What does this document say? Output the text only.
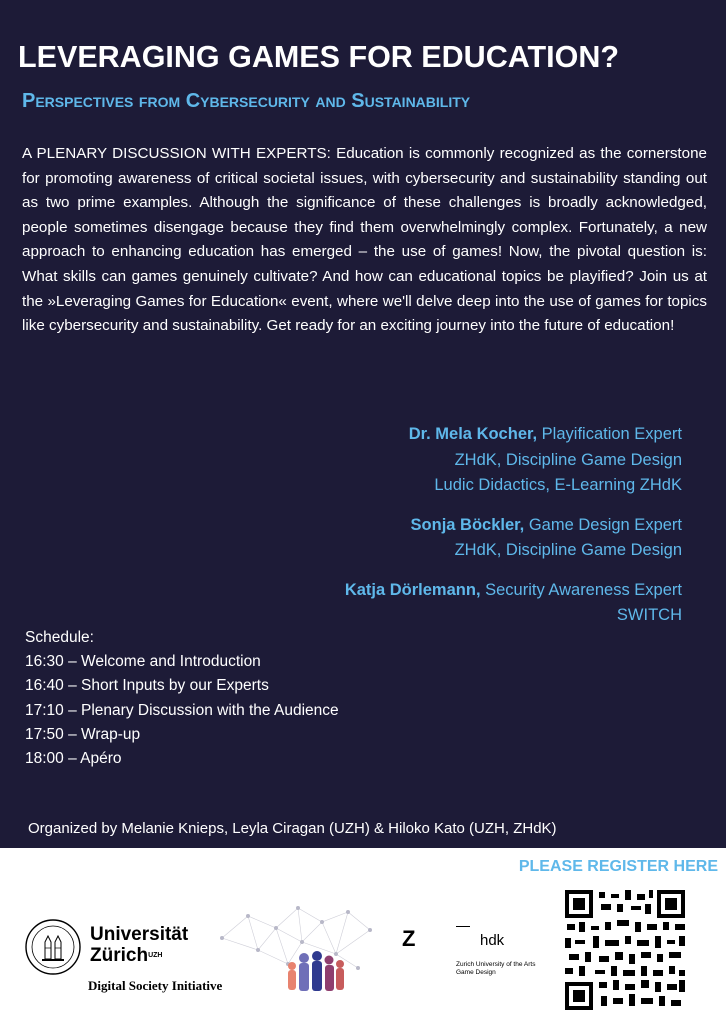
LEVERAGING GAMES FOR EDUCATION?
Perspectives from Cybersecurity and Sustainability

A PLENARY DISCUSSION WITH EXPERTS: Education is commonly recognized as the cornerstone for promoting awareness of critical societal issues, with cybersecurity and sustainability standing out as two prime examples. Although the significance of these challenges is broadly acknowledged, people sometimes disengage because they find them overwhelmingly complex. Fortunately, a new approach to enhancing education has emerged – the use of games! Now, the pivotal question is: What skills can games genuinely cultivate? And how can educational topics be playified? Join us at the »Leveraging Games for Education« event, where we'll delve deep into the use of games for topics like cybersecurity and sustainability. Get ready for an exciting journey into the future of education!

Dr. Mela Kocher, Playification Expert
ZHdK, Discipline Game Design
Ludic Didactics, E-Learning ZHdK
Sonja Böckler, Game Design Expert
ZHdK, Discipline Game Design
Katja Dörlemann, Security Awareness Expert
SWITCH
Schedule:
16:30 – Welcome and Introduction
16:40 – Short Inputs by our Experts
17:10 – Plenary Discussion with the Audience
17:50 – Wrap-up
18:00 – Apéro
Organized by Melanie Knieps, Leyla Ciragan (UZH) & Hiloko Kato (UZH, ZHdK)
PLEASE REGISTER HERE
Universität
Zürich$^{UZH}$
Digital Society Initiative
Z	hdk
Zurich University of the Arts
Game Design
